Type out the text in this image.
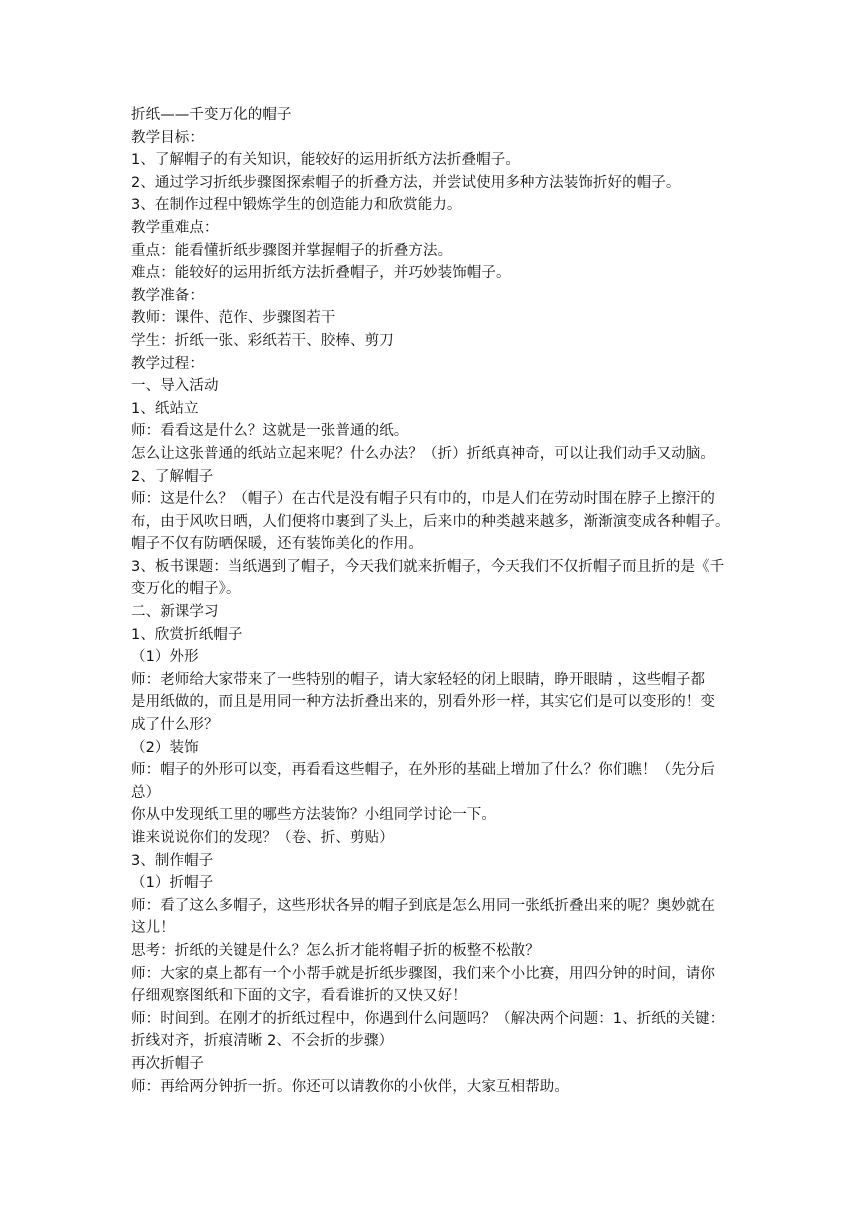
折纸——千变万化的帽子

教学目标：

1、了解帽子的有关知识，能较好的运用折纸方法折叠帽子。

2、通过学习折纸步骤图探索帽子的折叠方法，并尝试使用多种方法装饰折好的帽子。

3、在制作过程中锻炼学生的创造能力和欣赏能力。

教学重难点：

重点：能看懂折纸步骤图并掌握帽子的折叠方法。

难点：能较好的运用折纸方法折叠帽子，并巧妙装饰帽子。

教学准备：

教师：课件、范作、步骤图若干

学生：折纸一张、彩纸若干、胶棒、剪刀

教学过程：

一、导入活动

1、纸站立

师：看看这是什么？这就是一张普通的纸。

怎么让这张普通的纸站立起来呢？什么办法？（折）折纸真神奇，可以让我们动手又动脑。

2、了解帽子

师：这是什么？（帽子）在古代是没有帽子只有巾的，巾是人们在劳动时围在脖子上擦汗的

布，由于风吹日晒，人们便将巾裹到了头上，后来巾的种类越来越多，渐渐演变成各种帽子。

帽子不仅有防晒保暖，还有装饰美化的作用。

3、板书课题：当纸遇到了帽子，今天我们就来折帽子，今天我们不仅折帽子而且折的是《千

变万化的帽子》。

二、新课学习

1、欣赏折纸帽子

（1）外形

师：老师给大家带来了一些特别的帽子，请大家轻轻的闭上眼睛，睁开眼睛 ，这些帽子都

是用纸做的，而且是用同一种方法折叠出来的，别看外形一样，其实它们是可以变形的！变

成了什么形？

（2）装饰

师：帽子的外形可以变，再看看这些帽子，在外形的基础上增加了什么？你们瞧！（先分后

总）

你从中发现纸工里的哪些方法装饰？小组同学讨论一下。

谁来说说你们的发现？（卷、折、剪贴）

3、制作帽子

（1）折帽子

师：看了这么多帽子，这些形状各异的帽子到底是怎么用同一张纸折叠出来的呢？奥妙就在

这儿！

思考：折纸的关键是什么？怎么折才能将帽子折的板整不松散？

师：大家的桌上都有一个小帮手就是折纸步骤图，我们来个小比赛，用四分钟的时间，请你

仔细观察图纸和下面的文字，看看谁折的又快又好！

师：时间到。在刚才的折纸过程中，你遇到什么问题吗？（解决两个问题：1、折纸的关键：

折线对齐，折痕清晰 2、不会折的步骤）

再次折帽子

师：再给两分钟折一折。你还可以请教你的小伙伴，大家互相帮助。
